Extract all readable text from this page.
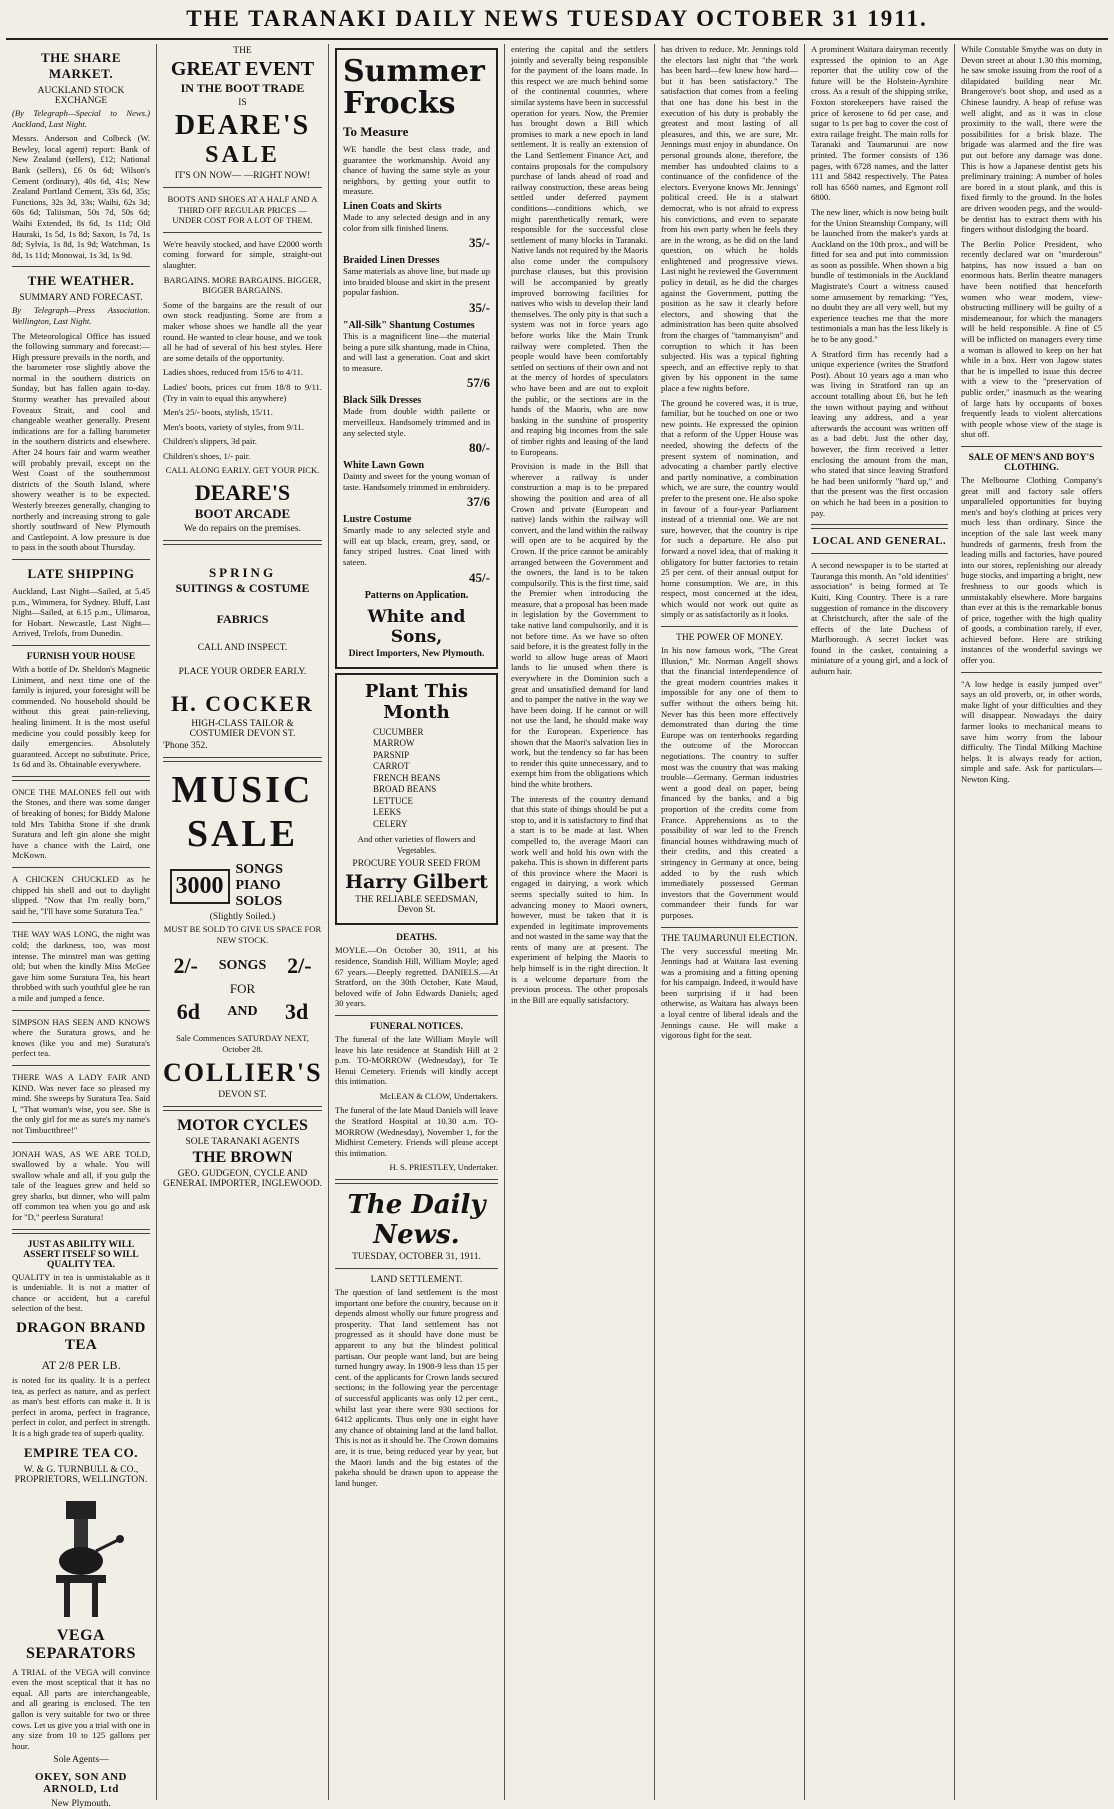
THE TARANAKI DAILY NEWS TUESDAY OCTOBER 31 1911.
THE SHARE MARKET.
AUCKLAND STOCK EXCHANGE

(By Telegraph—Special to News.) Auckland, Last Night.

Messrs. Anderson and Colbeck (W. Bewley, local agent) report: Bank of New Zealand (sellers), £12; National Bank (sellers), £6 0s 6d; Wilson's Cement (ordinary), 40s 6d, 41s; New Zealand Portland Cement, 33s 6d, 35s; Functions, 32s 3d, 33s; Waihi, 62s 3d; 60s 6d; Taliisman, 50s 7d, 50s 6d; Waihi Extended, 8s 6d, 1s 11d; Old Hauraki, 1s 5d, 1s 8d; Saxon, 1s 7d, 1s 8d; Sylvia, 1s 8d, 1s 9d; Watchman, 1s 8d, 1s 11d; Monowai, 1s 3d, 1s 9d.

THE WEATHER.
SUMMARY AND FORECAST.

By Telegraph—Press Association. Wellington, Last Night.

The Meteorological Office has issued the following summary and forecast:—High pressure prevails in the north, and the barometer rose slightly above the normal in the southern districts on Sunday, but has fallen again to-day. Stormy weather has prevailed about Foveaux Strait, and cool and changeable weather generally. Present indications are for a falling barometer in the southern districts and elsewhere. After 24 hours fair and warm weather will probably prevail, except on the West Coast of the southernmost districts of the South Island, where showery weather is to be expected. Westerly breezes generally, changing to northerly and increasing strong to gale shortly southward of New Plymouth and Castlepoint. A low pressure is due to pass in the south about Thursday.

LATE SHIPPING

Auckland, Last Night—Sailed, at 5.45 p.m., Wimmera, for Sydney. Bluff, Last Night—Sailed, at 6.15 p.m., Ulimaroa, for Hobart. Newcastle, Last Night—Arrived, Trelofs, from Dunedin.

FURNISH YOUR HOUSE

With a bottle of Dr. Sheldon's Magnetic Liniment, and next time one of the family is injured, your foresight will be commended. No household should be without this great pain-relieving, healing liniment. It is the most useful medicine you could possibly keep for daily emergencies. Absolutely guaranteed. Accept no substitute. Price, 1s 6d and 3s. Obtainable everywhere.

ONCE THE MALONES fell out with the Stones, and there was some danger of breaking of bones; for Biddy Malone told Mrs Tabitha Stone if she drank Suratura and left gin alone she might have a chance with the Laird, one McKown.

A CHICKEN CHUCKLED as he chipped his shell and out to daylight slipped. "Now that I'm really born," said he, "I'll have some Suratura Tea."

THE WAY WAS LONG, the night was cold; the darkness, too, was most intense. The minstrel man was getting old; but when the kindly Miss McGee gave him some Suratura Tea, his heart throbbed with such youthful glee he ran a mile and jumped a fence.

SIMPSON HAS SEEN AND KNOWS where the Suratura grows, and he knows (like you and me) Suratura's perfect tea.

THERE WAS A LADY FAIR AND KIND. Was never face so pleased my mind. She sweeps by Suratura Tea. Said I, "That woman's wise, you see. She is the only girl for me as sure's my name's not Timbuctthree!"

JONAH WAS, AS WE ARE TOLD, swallowed by a whale. You will swallow whale and all, if you gulp the tale of the leagues grew and held so grey sharks, but dinner, who will palm off common tea when you go and ask for "D," peerless Suratura!

JUST AS ABILITY WILL ASSERT ITSELF SO WILL QUALITY TEA.

QUALITY in tea is unmistakable as it is undeniable. It is not a matter of chance or accident, but a careful selection of the best.

DRAGON BRAND TEA
AT 2/8 PER LB.

is noted for its quality. It is a perfect tea, as perfect as nature, and as perfect as man's best efforts can make it. It is perfect in aroma, perfect in fragrance, perfect in color, and perfect in strength. It is a high grade tea of superb quality.

EMPIRE TEA CO.
W. & G. TURNBULL & CO., PROPRIETORS, WELLINGTON.
VEGA SEPARATORS

A TRIAL of the VEGA will convince even the most sceptical that it has no equal. All parts are interchangeable, and all gearing is enclosed. The ten gallon is very suitable for two or three cows. Let us give you a trial with one in any size from 10 to 125 gallons per hour.

Sole Agents—
OKEY, SON AND ARNOLD, Ltd
New Plymouth.
THE
GREAT EVENT
IN THE BOOT TRADE
IS
DEARE'S
SALE
IT'S ON NOW— —RIGHT NOW!

BOOTS AND SHOES AT A HALF AND A THIRD OFF REGULAR PRICES — UNDER COST FOR A LOT OF THEM.

We're heavily stocked, and have £2000 worth coming forward for simple, straight-out slaughter.

BARGAINS. MORE BARGAINS. BIGGER, BIGGER BARGAINS.

Some of the bargains are the result of our own stock readjusting. Some are from a maker whose shoes we handle all the year round. He wanted to clear house, and we took all he had of several of his best styles. Here are some details of the opportunity.

Ladies shoes, reduced from 15/6 to 4/11.

Ladies' boots, prices cut from 18/8 to 9/11. (Try in vain to equal this anywhere)

Men's 25/- boots, stylish, 15/11.

Men's boots, variety of styles, from 9/11.

Children's slippers, 3d pair.

Children's shoes, 1/- pair.

CALL ALONG EARLY. GET YOUR PICK.

DEARE'S
BOOT ARCADE
We do repairs on the premises.
SPRING
SUITINGS & COSTUME
FABRICS
CALL AND INSPECT.
PLACE YOUR ORDER EARLY.
H. COCKER
HIGH-CLASS TAILOR & COSTUMIER DEVON ST.
'Phone 352.
MUSIC
SALE
3000
SONGS PIANO SOLOS
(Slightly Soiled.)

MUST BE SOLD TO GIVE US SPACE FOR NEW STOCK.

2/- SONGS 2/-
FOR
6d AND 3d

Sale Commences SATURDAY NEXT, October 28.

COLLIER'S
DEVON ST.
MOTOR CYCLES
SOLE TARANAKI AGENTS
THE BROWN
GEO. GUDGEON, CYCLE AND GENERAL IMPORTER, INGLEWOOD.
Summer Frocks
To Measure

WE handle the best class trade, and guarantee the workmanship. Avoid any chance of having the same style as your neighbors, by getting your outfit to measure.

Linen Coats and Skirts

Made to any selected design and in any color from silk finished linens.

35/-
Braided Linen Dresses

Same materials as above line, but made up into braided blouse and skirt in the present popular fashion.

35/-
"All-Silk" Shantung Costumes

This is a magnificent line—the material being a pure silk shantung, made in China, and will last a generation. Coat and skirt to measure.

57/6
Black Silk Dresses

Made from double width pailette or merveilleux. Handsomely trimmed and in any selected style.

80/-
White Lawn Gown

Dainty and sweet for the young woman of taste. Handsomely trimmed in embroidery.

37/6
Lustre Costume

Smartly made to any selected style and will eat up black, cream, grey, sand, or fancy striped lustres. Coat lined with sateen.

45/-
Patterns on Application.
White and Sons,
Direct Importers, New Plymouth.
Plant This Month
CUCUMBER
MARROW
PARSNIP
CARROT
FRENCH BEANS
BROAD BEANS
LETTUCE
LEEKS
CELERY

And other varieties of flowers and Vegetables.

PROCURE YOUR SEED FROM
Harry Gilbert
THE RELIABLE SEEDSMAN, Devon St.
DEATHS.

MOYLE.—On October 30, 1911, at his residence, Standish Hill, William Moyle; aged 67 years.—Deeply regretted. DANIELS.—At Stratford, on the 30th October, Kate Maud, beloved wife of John Edwards Daniels; aged 30 years.

FUNERAL NOTICES.

The funeral of the late William Moyle will leave his late residence at Standish Hill at 2 p.m. TO-MORROW (Wednesday), for Te Henui Cemetery. Friends will kindly accept this intimation.

McLEAN & CLOW, Undertakers.

The funeral of the late Maud Daniels will leave the Stratford Hospital at 10.30 a.m. TO-MORROW (Wednesday), November 1, for the Midhirst Cemetery. Friends will please accept this intimation.

H. S. PRIESTLEY, Undertaker.

The Daily News.
TUESDAY, OCTOBER 31, 1911.
LAND SETTLEMENT.

The question of land settlement is the most important one before the country, because on it depends almost wholly our future progress and prosperity. That land settlement has not progressed as it should have done must be apparent to any but the blindest political partisan. Our people want land, but are being turned hungry away. In 1908-9 less than 15 per cent. of the applicants for Crown lands secured sections; in the following year the percentage of successful applicants was only 12 per cent., whilst last year there were 930 sections for 6412 applicants. Thus only one in eight have any chance of obtaining land at the land ballot. This is not as it should be. The Crown domains are, it is true, being reduced year by year, but the Maori lands and the big estates of the pakeha should be drawn upon to appease the land hunger.

entering the capital and the settlers jointly and severally being responsible for the payment of the loans made. In this respect we are much behind some of the continental countries, where similar systems have been in successful operation for years. Now, the Premier has brought down a Bill which promises to mark a new epoch in land settlement. It is really an extension of the Land Settlement Finance Act, and contains proposals for the compulsory purchase of lands ahead of road and railway construction, these areas being settled under deferred payment conditions—conditions which, we might parenthetically remark, were responsible for the successful close settlement of many blocks in Taranaki. Native lands not required by the Maoris also come under the compulsory purchase clauses, but this provision will be accompanied by greatly improved borrowing facilities for natives who wish to develop their land themselves. The only pity is that such a system was not in force years ago before works like the Main Trunk railway were completed. Then the people would have been comfortably settled on sections of their own and not at the mercy of hordes of speculators who have been and are out to exploit the public, or the sections are in the hands of the Maoris, who are now basking in the sunshine of prosperity and reaping big incomes from the sale of timber rights and leasing of the land to Europeans.

Provision is made in the Bill that wherever a railway is under construction a map is to be prepared showing the position and area of all Crown and private (European and native) lands within the railway will convert, and the land within the railway will open are to be acquired by the Crown. If the price cannot be amicably arranged between the Government and the owners, the land is to be taken compulsorily. This is the first time, said the Premier when introducing the measure, that a proposal has been made in legislation by the Government to take native land compulsorily, and it is not before time. As we have so often said before, it is the greatest folly in the world to allow huge areas of Maori lands to lie unused when there is everywhere in the Dominion such a great and unsatisfied demand for land and to pamper the native in the way we have been doing. If he cannot or will not use the land, he should make way for the European. Experience has shown that the Maori's salvation lies in work, but the tendency so far has been to render this quite unnecessary, and to exempt him from the obligations which bind the white brothers.

The interests of the country demand that this state of things should be put a stop to, and it is satisfactory to find that a start is to be made at last. When compelled to, the average Maori can work well and hold his own with the pakeha. This is shown in different parts of this province where the Maori is engaged in dairying, a work which seems specially suited to him. In advancing money to Maori owners, however, must be taken that it is expended in legitimate improvements and not wasted in the same way that the rents of many are at present. The experiment of helping the Maoris to help himself is in the right direction. It is a welcome departure from the previous process. The other proposals in the Bill are equally satisfactory.

has driven to reduce. Mr. Jennings told the electors last night that "the work has been hard—few knew how hard—but it has been satisfactory." The satisfaction that comes from a feeling that one has done his best in the execution of his duty is probably the greatest and most lasting of all pleasures, and this, we are sure, Mr. Jennings must enjoy in abundance. On personal grounds alone, therefore, the member has undoubted claims to a continuance of the confidence of the electors. Everyone knows Mr. Jennings' political creed. He is a stalwart democrat, who is not afraid to express his convictions, and even to separate from his own party when he feels they are in the wrong, as he did on the land question, on which he holds enlightened and progressive views. Last night he reviewed the Government policy in detail, as he did the charges against the Government, putting the position as he saw it clearly before electors, and showing that the administration has been quite absolved from the charges of "tammanyism" and corruption to which it has been subjected. His was a typical fighting speech, and an effective reply to that given by his opponent in the same place a few nights before.

The ground he covered was, it is true, familiar, but he touched on one or two new points. He expressed the opinion that a reform of the Upper House was needed, showing the defects of the present system of nomination, and advocating a chamber partly elective and partly nominative, a combination which, we are sure, the country would prefer to the present one. He also spoke in favour of a four-year Parliament instead of a triennial one. We are not sure, however, that the country is ripe for such a departure. He also put forward a novel idea, that of making it obligatory for butter factories to retain 25 per cent. of their annual output for home consumption. We are, in this respect, most concerned at the idea, which would not work out quite as simply or as satisfactorily as it looks.

THE POWER OF MONEY.

In his now famous work, "The Great Illusion," Mr. Norman Angell shows that the financial interdependence of the great modern countries makes it impossible for any one of them to suffer without the others being hit. Never has this been more effectively demonstrated than during the time Europe was on tenterhooks regarding the outcome of the Moroccan negotiations. The country to suffer most was the country that was making trouble—Germany. German industries went a good deal on paper, being financed by the banks, and a big proportion of the credits come from France. Apprehensions as to the possibility of war led to the French financial houses withdrawing much of their credits, and this created a stringency in Germany at once, being added to by the rush which immediately possessed German investors that the Government would commandeer their funds for war purposes.

THE TAUMARUNUI ELECTION.

The very successful meeting Mr. Jennings had at Waitara last evening was a promising and a fitting opening for his campaign. Indeed, it would have been surprising if it had been otherwise, as Waitara has always been a loyal centre of liberal ideals and the Jennings cause. He will make a vigorous fight for the seat.

A prominent Waitara dairyman recently expressed the opinion to an Age reporter that the utility cow of the future will be the Holstein-Ayrshire cross. As a result of the shipping strike, Foxton storekeepers have raised the price of kerosene to 6d per case, and sugar to 1s per bag to cover the cost of extra railage freight. The main rolls for Taranaki and Taumarunui are now printed. The former consists of 136 pages, with 6728 names, and the latter 111 and 5842 respectively. The Patea roll has 6560 names, and Egmont roll 6800.

The new liner, which is now being built for the Union Steamship Company, will be launched from the maker's yards at Auckland on the 10th prox., and will be fitted for sea and put into commission as soon as possible. When shown a big bundle of testimonials in the Auckland Magistrate's Court a witness caused some amusement by remarking: "Yes, no doubt they are all very well, but my experience teaches me that the more testimonials a man has the less likely is he to be any good."

A Stratford firm has recently had a unique experience (writes the Stratford Post). About 10 years ago a man who was living in Stratford ran up an account totalling about £6, but he left the town without paying and without leaving any address, and a year afterwards the account was written off as a bad debt. Just the other day, however, the firm received a letter enclosing the amount from the man, who stated that since leaving Stratford he had been uniformly "hard up," and that the present was the first occasion on which he had been in a position to pay.

LOCAL AND GENERAL.

A second newspaper is to be started at Tauranga this month. An "old identities' association" is being formed at Te Kuiti, King Country. There is a rare suggestion of romance in the discovery at Christchurch, after the sale of the effects of the late Duchess of Marlborough. A secret locket was found in the casket, containing a miniature of a young girl, and a lock of auburn hair.

While Constable Smythe was on duty in Devon street at about 1.30 this morning, he saw smoke issuing from the roof of a dilapidated building near Mr. Brangerove's boot shop, and used as a Chinese laundry. A heap of refuse was well alight, and as it was in close proximity to the wall, there were the possibilities for a brisk blaze. The brigade was alarmed and the fire was put out before any damage was done. This is how a Japanese dentist gets his preliminary training: A number of holes are bored in a stout plank, and this is fixed firmly to the ground. In the holes are driven wooden pegs, and the would-be dentist has to extract them with his fingers without dislodging the board.

The Berlin Police President, who recently declared war on "murderous" hatpins, has now issued a ban on enormous hats. Berlin theatre managers have been notified that henceforth women who wear modern, view-obstructing millinery will be guilty of a misdemeanour, for which the managers will be held responsible. A fine of £5 will be inflicted on managers every time a woman is allowed to keep on her hat while in a box. Herr von Jagow states that he is impelled to issue this decree with a view to the "preservation of public order," inasmuch as the wearing of large hats by occupants of boxes frequently leads to violent altercations with people whose view of the stage is shut off.

SALE OF MEN'S AND BOY'S CLOTHING.

The Melbourne Clothing Company's great mill and factory sale offers unparalleled opportunities for buying men's and boy's clothing at prices very much less than ordinary. Since the inception of the sale last week many hundreds of garments, fresh from the leading mills and factories, have poured into our stores, replenishing our already huge stocks, and imparting a bright, new freshness to our goods which is unmistakably elsewhere. More bargains than ever at this is the remarkable bonus of price, together with the high quality of goods, a combination rarely, if ever, achieved before. Here are striking instances of the wonderful savings we offer you.

"A low hedge is easily jumped over" says an old proverb, or, in other words, make light of your difficulties and they will disappear. Nowadays the dairy farmer looks to mechanical means to save him worry from the labour difficulty. The Tindal Milking Machine helps. It is always ready for action, simple and safe. Ask for particulars—Newton King.
